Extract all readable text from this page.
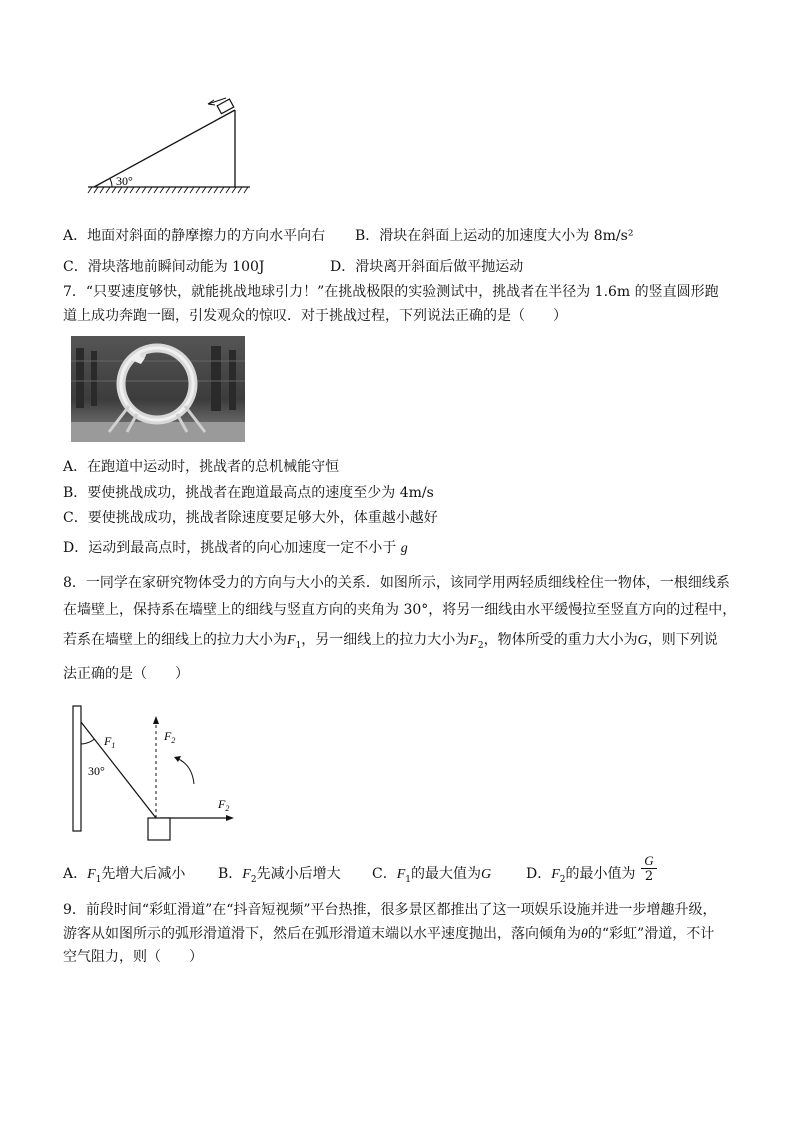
30°
A．地面对斜面的静摩擦力的方向水平向右 B．滑块在斜面上运动的加速度大小为 8m/s²
C．滑块落地前瞬间动能为 100J	D．滑块离开斜面后做平抛运动
7．“只要速度够快，就能挑战地球引力！”在挑战极限的实验测试中，挑战者在半径为 1.6m 的竖直圆形跑
道上成功奔跑一圈，引发观众的惊叹．对于挑战过程，下列说法正确的是（　　）
A．在跑道中运动时，挑战者的总机械能守恒
B．要使挑战成功，挑战者在跑道最高点的速度至少为 4m/s
C．要使挑战成功，挑战者除速度要足够大外，体重越小越好
D．运动到最高点时，挑战者的向心加速度一定不小于 g
8．一同学在家研究物体受力的方向与大小的关系．如图所示，该同学用两轻质细线栓住一物体，一根细线系
在墙壁上，保持系在墙壁上的细线与竖直方向的夹角为 30°，将另一细线由水平缓慢拉至竖直方向的过程中，
若系在墙壁上的细线上的拉力大小为$F_1$，另一细线上的拉力大小为$F_2$，物体所受的重力大小为G，则下列说
法正确的是（　　）
$F_1$
30°
$F_2$
$F_2$
A．$F_1$先增大后减小 B．$F_2$先减小后增大 C．$F_1$的最大值为G D．$F_2$的最小值为 $\frac{G}{2}$
9．前段时间“彩虹滑道”在“抖音短视频”平台热推，很多景区都推出了这一项娱乐设施并进一步增趣升级，
游客从如图所示的弧形滑道滑下，然后在弧形滑道末端以水平速度抛出，落向倾角为θ的“彩虹”滑道，不计
空气阻力，则（　　）
